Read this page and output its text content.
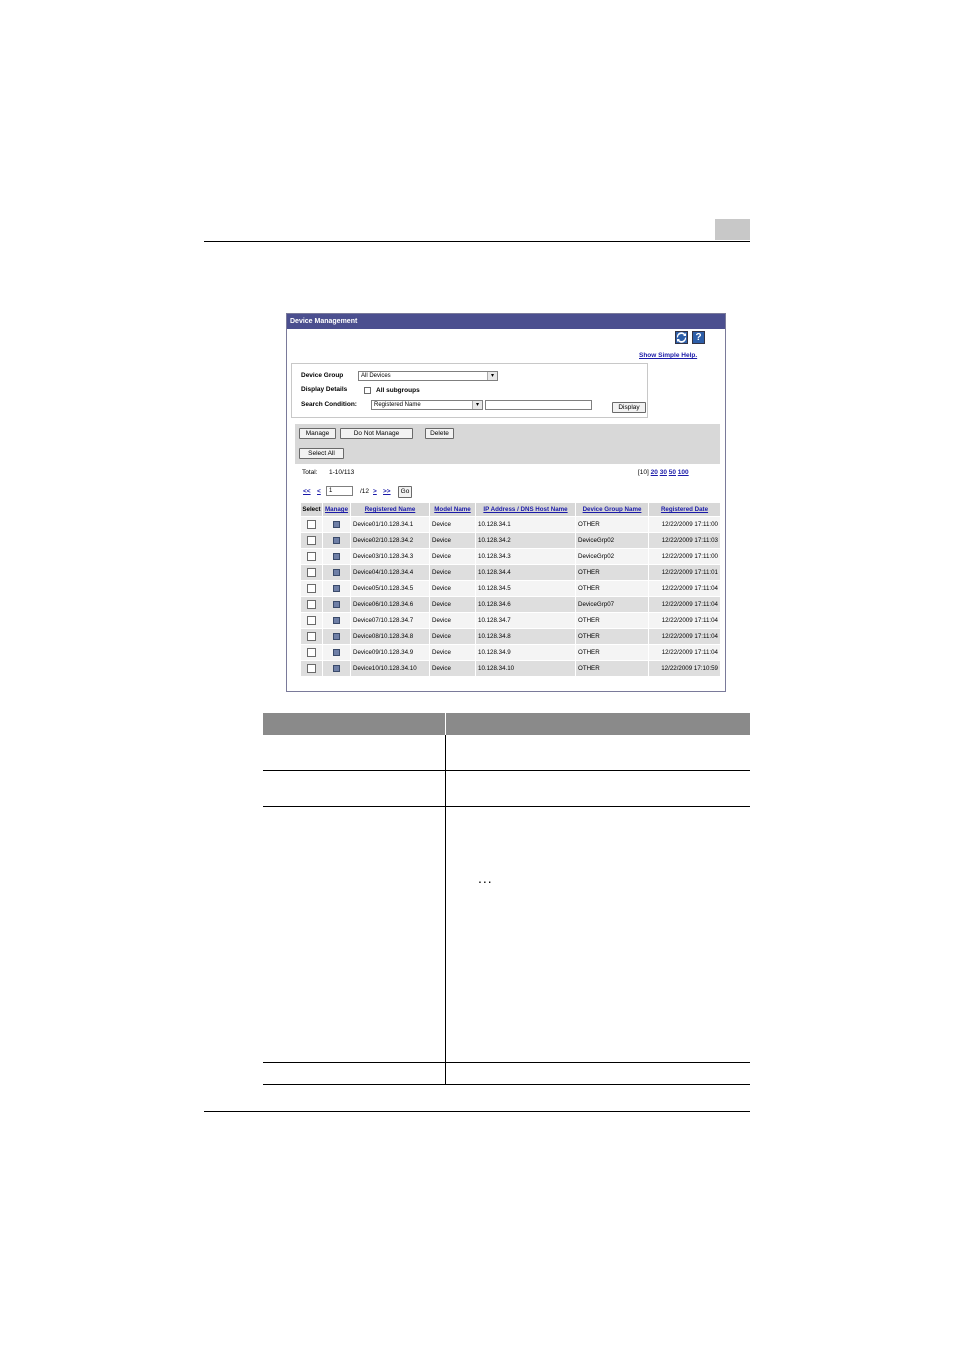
Device Management
?
Show Simple Help.
Device Group	All Devices	▾
Display Details	All subgroups
Search Condition:	Registered Name	▾	Display
Manage	Do Not Manage	Delete
Select All
Total: 1-10/113	[10] 20 30 50 100
<< <	1	/12 > >>	Go
Select	Manage	Registered Name	Model Name	IP Address / DNS Host Name	Device Group Name	Registered Date
		Device01/10.128.34.1	Device	10.128.34.1	OTHER	12/22/2009 17:11:00
		Device02/10.128.34.2	Device	10.128.34.2	DeviceGrp02	12/22/2009 17:11:03
		Device03/10.128.34.3	Device	10.128.34.3	DeviceGrp02	12/22/2009 17:11:00
		Device04/10.128.34.4	Device	10.128.34.4	OTHER	12/22/2009 17:11:01
		Device05/10.128.34.5	Device	10.128.34.5	OTHER	12/22/2009 17:11:04
		Device06/10.128.34.6	Device	10.128.34.6	DeviceGrp07	12/22/2009 17:11:04
		Device07/10.128.34.7	Device	10.128.34.7	OTHER	12/22/2009 17:11:04
		Device08/10.128.34.8	Device	10.128.34.8	OTHER	12/22/2009 17:11:04
		Device09/10.128.34.9	Device	10.128.34.9	OTHER	12/22/2009 17:11:04
		Device10/10.128.34.10	Device	10.128.34.10	OTHER	12/22/2009 17:10:59
...
